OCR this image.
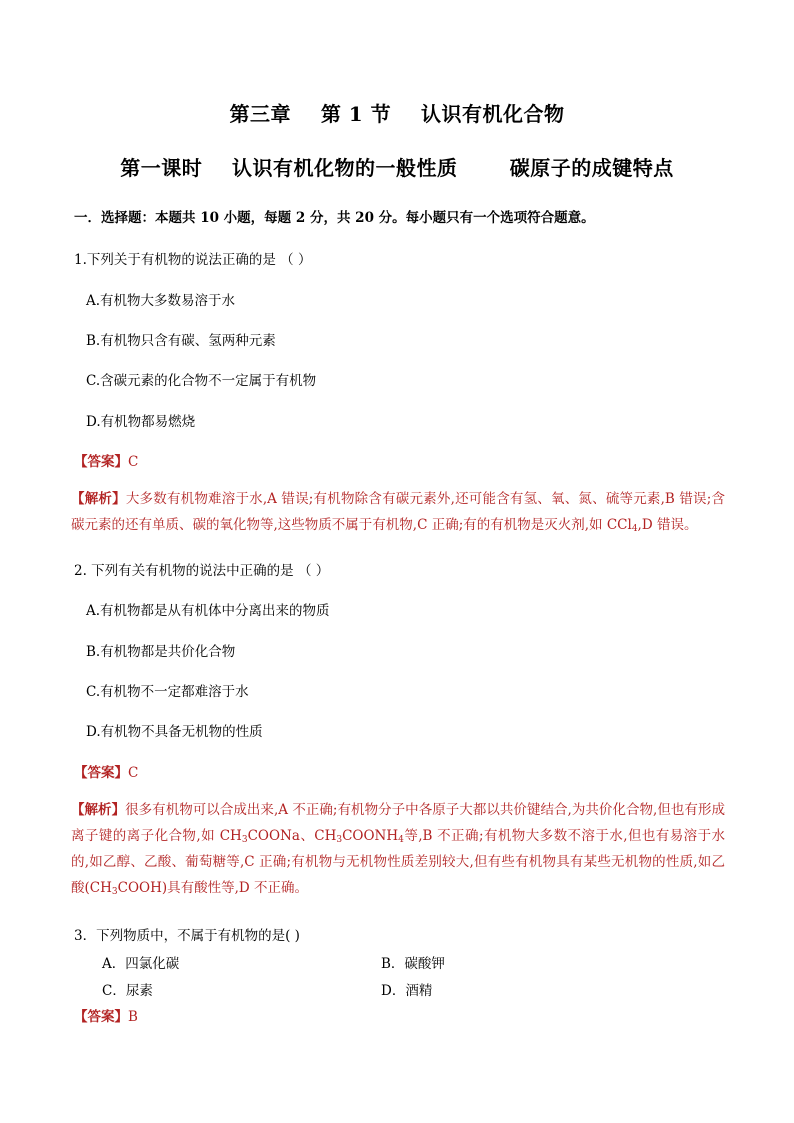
第三章    第 1 节    认识有机化合物
第一课时    认识有机化物的一般性质       碳原子的成键特点
一．选择题：本题共 10 小题，每题 2 分，共 20 分。每小题只有一个选项符合题意。
1.下列关于有机物的说法正确的是 （ ）
A.有机物大多数易溶于水
B.有机物只含有碳、氢两种元素
C.含碳元素的化合物不一定属于有机物
D.有机物都易燃烧
【答案】C
【解析】大多数有机物难溶于水,A 错误;有机物除含有碳元素外,还可能含有氢、氧、氮、硫等元素,B 错误;含碳元素的还有单质、碳的氧化物等,这些物质不属于有机物,C 正确;有的有机物是灭火剂,如 CCl$_4$,D 错误。
2. 下列有关有机物的说法中正确的是 （ ）
A.有机物都是从有机体中分离出来的物质
B.有机物都是共价化合物
C.有机物不一定都难溶于水
D.有机物不具备无机物的性质
【答案】C
【解析】很多有机物可以合成出来,A 不正确;有机物分子中各原子大都以共价键结合,为共价化合物,但也有形成离子键的离子化合物,如 $CH_3COONa$、$CH_3COONH_4$等,B 不正确;有机物大多数不溶于水,但也有易溶于水的,如乙醇、乙酸、葡萄糖等,C 正确;有机物与无机物性质差别较大,但有些有机物具有某些无机物的性质,如乙酸$(CH_3COOH)$具有酸性等,D 不正确。
3．下列物质中，不属于有机物的是( )
A．四氯化碳	B．碳酸钾
C．尿素	D．酒精
【答案】B
